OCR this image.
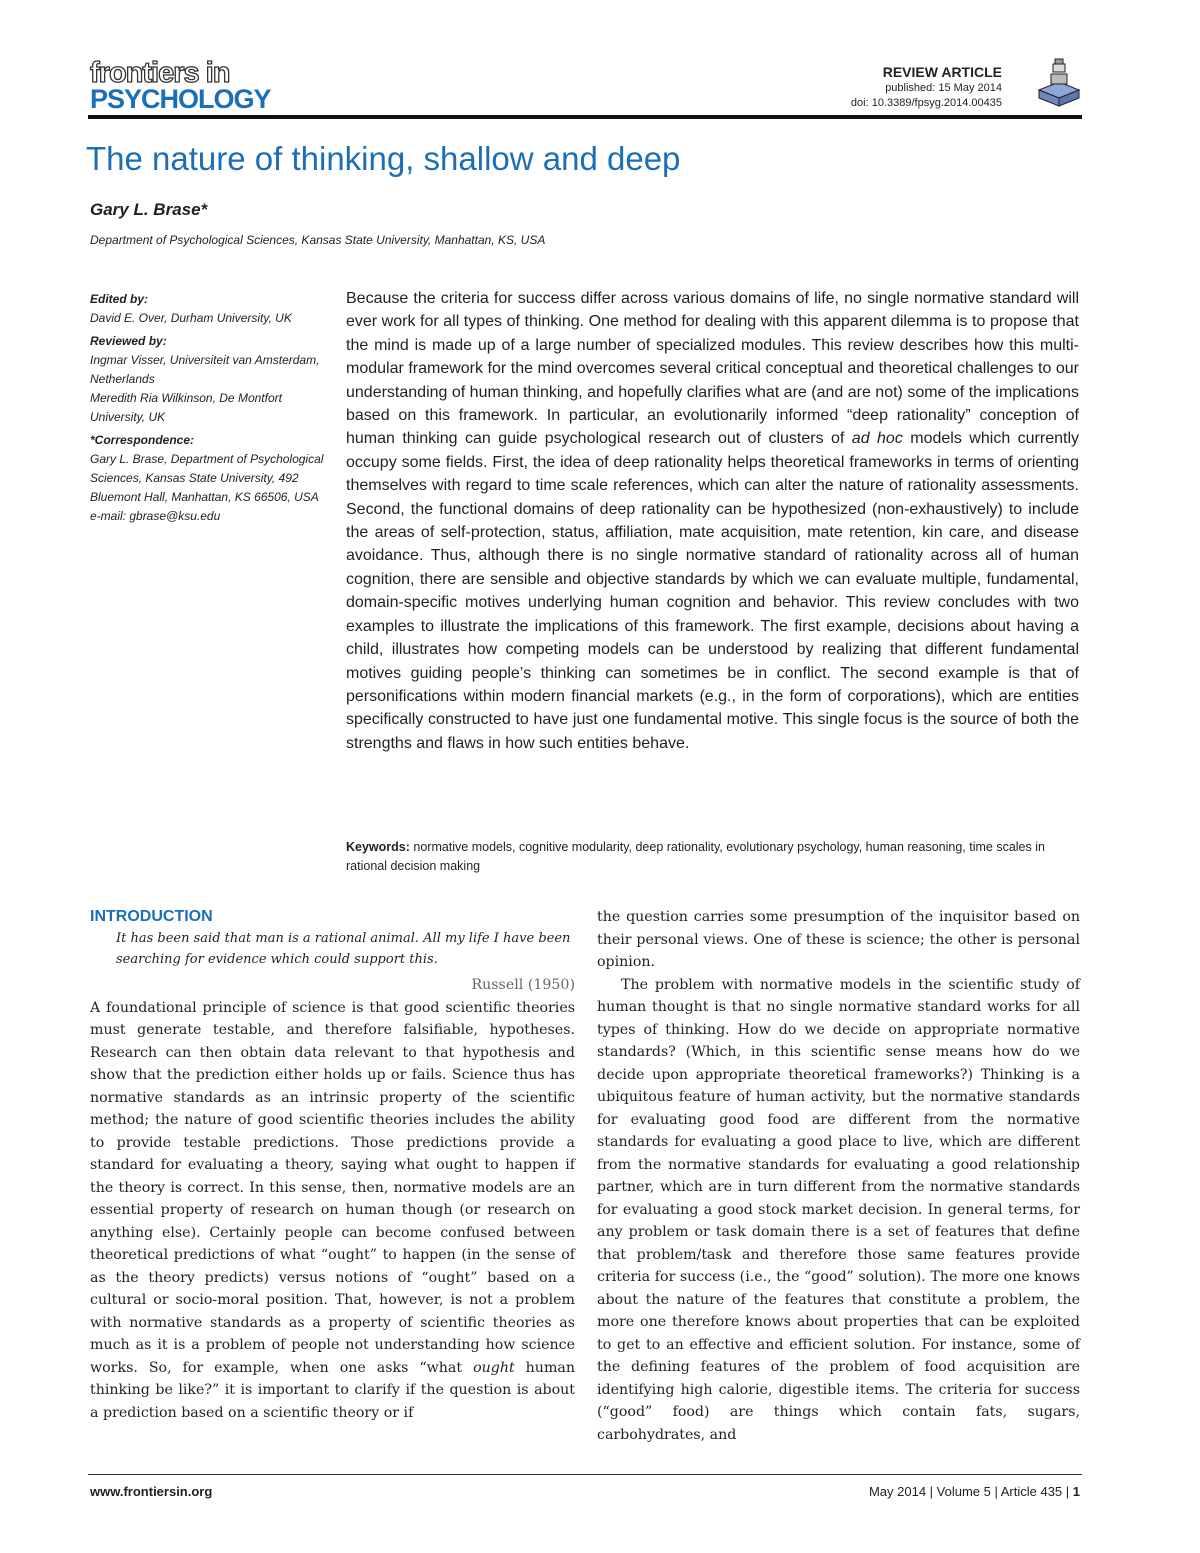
frontiers in
PSYCHOLOGY
REVIEW ARTICLE
published: 15 May 2014
doi: 10.3389/fpsyg.2014.00435
The nature of thinking, shallow and deep
Gary L. Brase*
Department of Psychological Sciences, Kansas State University, Manhattan, KS, USA
Edited by:
David E. Over, Durham University, UK
Reviewed by:
Ingmar Visser, Universiteit van Amsterdam, Netherlands
Meredith Ria Wilkinson, De Montfort University, UK
*Correspondence:
Gary L. Brase, Department of Psychological Sciences, Kansas State University, 492 Bluemont Hall, Manhattan, KS 66506, USA
e-mail: gbrase@ksu.edu
Because the criteria for success differ across various domains of life, no single normative standard will ever work for all types of thinking. One method for dealing with this apparent dilemma is to propose that the mind is made up of a large number of specialized modules. This review describes how this multi-modular framework for the mind overcomes several critical conceptual and theoretical challenges to our understanding of human thinking, and hopefully clarifies what are (and are not) some of the implications based on this framework. In particular, an evolutionarily informed “deep rationality” conception of human thinking can guide psychological research out of clusters of ad hoc models which currently occupy some fields. First, the idea of deep rationality helps theoretical frameworks in terms of orienting themselves with regard to time scale references, which can alter the nature of rationality assessments. Second, the functional domains of deep rationality can be hypothesized (non-exhaustively) to include the areas of self-protection, status, affiliation, mate acquisition, mate retention, kin care, and disease avoidance. Thus, although there is no single normative standard of rationality across all of human cognition, there are sensible and objective standards by which we can evaluate multiple, fundamental, domain-specific motives underlying human cognition and behavior. This review concludes with two examples to illustrate the implications of this framework. The first example, decisions about having a child, illustrates how competing models can be understood by realizing that different fundamental motives guiding people’s thinking can sometimes be in conflict. The second example is that of personifications within modern financial markets (e.g., in the form of corporations), which are entities specifically constructed to have just one fundamental motive. This single focus is the source of both the strengths and flaws in how such entities behave.
Keywords: normative models, cognitive modularity, deep rationality, evolutionary psychology, human reasoning, time scales in rational decision making
INTRODUCTION
It has been said that man is a rational animal. All my life I have been searching for evidence which could support this.
Russell (1950)

A foundational principle of science is that good scientific theories must generate testable, and therefore falsifiable, hypotheses. Research can then obtain data relevant to that hypothesis and show that the prediction either holds up or fails. Science thus has normative standards as an intrinsic property of the scientific method; the nature of good scientific theories includes the ability to provide testable predictions. Those predictions provide a standard for evaluating a theory, saying what ought to happen if the theory is correct. In this sense, then, normative models are an essential property of research on human though (or research on anything else). Certainly people can become confused between theoretical predictions of what “ought” to happen (in the sense of as the theory predicts) versus notions of “ought” based on a cultural or socio-moral position. That, however, is not a problem with normative standards as a property of scientific theories as much as it is a problem of people not understanding how science works. So, for example, when one asks “what ought human thinking be like?” it is important to clarify if the question is about a prediction based on a scientific theory or if

the question carries some presumption of the inquisitor based on their personal views. One of these is science; the other is personal opinion.

The problem with normative models in the scientific study of human thought is that no single normative standard works for all types of thinking. How do we decide on appropriate normative standards? (Which, in this scientific sense means how do we decide upon appropriate theoretical frameworks?) Thinking is a ubiquitous feature of human activity, but the normative standards for evaluating good food are different from the normative standards for evaluating a good place to live, which are different from the normative standards for evaluating a good relationship partner, which are in turn different from the normative standards for evaluating a good stock market decision. In general terms, for any problem or task domain there is a set of features that define that problem/task and therefore those same features provide criteria for success (i.e., the “good” solution). The more one knows about the nature of the features that constitute a problem, the more one therefore knows about properties that can be exploited to get to an effective and efficient solution. For instance, some of the defining features of the problem of food acquisition are identifying high calorie, digestible items. The criteria for success (“good” food) are things which contain fats, sugars, carbohydrates, and

www.frontiersin.org	May 2014 | Volume 5 | Article 435 | 1
